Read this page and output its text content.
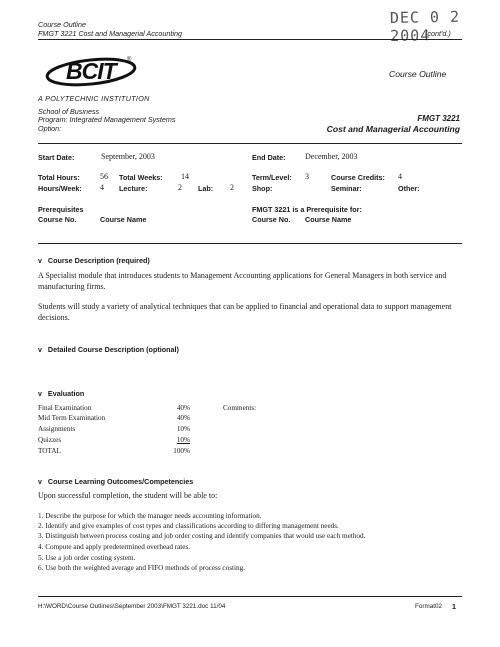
Course Outline
FMGT 3221 Cost and Managerial Accounting	(cont'd.)
DEC 0 2 2004
BCIT ®
A POLYTECHNIC INSTITUTION
Course Outline
School of Business
Program: Integrated Management Systems
Option:
FMGT 3221
Cost and Managerial Accounting
Start Date:	September, 2003	End Date: December, 2003
Total Hours:	56 Total Weeks: 14	Term/Level: 3	Course Credits: 4
Hours/Week: 4 Lecture:	2 Lab: 2	Shop:	Seminar:	Other:
Prerequisites
Course No.	Course Name
FMGT 3221 is a Prerequisite for:
Course No. Course Name
v Course Description (required)
A Specialist module that introduces students to Management Accounting applications for General Managers in both service and manufacturing firms.
Students will study a variety of analytical techniques that can be applied to financial and operational data to support management decisions.
v Detailed Course Description (optional)
v Evaluation
Comments:
Final Examination	40%
Mid Term Examination	40%
Assignments	10%
Quizzes	10%
TOTAL	100%
v Course Learning Outcomes/Competencies
Upon successful completion, the student will be able to:
1. Describe the purpose for which the manager needs accounting information.
2. Identify and give examples of cost types and classifications according to differing management needs.
3. Distinguish between process costing and job order costing and identify companies that would use each method.
4. Compute and apply predetermined overhead rates.
5. Use a job order costing system.
6. Use both the weighted average and FIFO methods of process costing.
H:\WORD\Course Outlines\September 2003\FMGT 3221.doc 11/04	Format02 1
